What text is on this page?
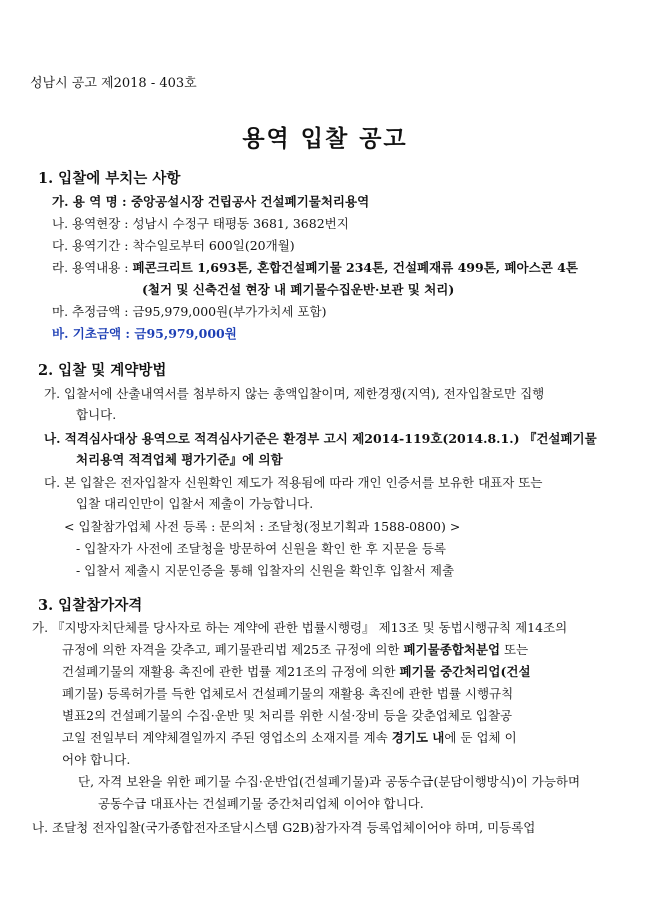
성남시 공고 제2018 - 403호
용역 입찰 공고
1. 입찰에 부치는 사항
가. 용 역 명 : 중앙공설시장 건립공사 건설폐기물처리용역
나. 용역현장 : 성남시 수정구 태평동 3681, 3682번지
다. 용역기간 : 착수일로부터 600일(20개월)
라. 용역내용 : 폐콘크리트 1,693톤, 혼합건설폐기물 234톤, 건설폐재류 499톤, 폐아스콘 4톤
(철거 및 신축건설 현장 내 폐기물수집운반·보관 및 처리)
마. 추정금액 : 금95,979,000원(부가가치세 포함)
바. 기초금액 : 금95,979,000원
2. 입찰 및 계약방법
가. 입찰서에 산출내역서를 첨부하지 않는 총액입찰이며, 제한경쟁(지역), 전자입찰로만 집행
합니다.
나. 적격심사대상 용역으로 적격심사기준은 환경부 고시 제2014-119호(2014.8.1.) 『건설폐기물
처리용역 적격업체 평가기준』에 의함
다. 본 입찰은 전자입찰자 신원확인 제도가 적용됨에 따라 개인 인증서를 보유한 대표자 또는
입찰 대리인만이 입찰서 제출이 가능합니다.
< 입찰참가업체 사전 등록 : 문의처 : 조달청(정보기획과 1588-0800) >
- 입찰자가 사전에 조달청을 방문하여 신원을 확인 한 후 지문을 등록
- 입찰서 제출시 지문인증을 통해 입찰자의 신원을 확인후 입찰서 제출
3. 입찰참가자격
가. 『지방자치단체를 당사자로 하는 계약에 관한 법률시행령』 제13조 및 동법시행규칙 제14조의
규정에 의한 자격을 갖추고, 폐기물관리법 제25조 규정에 의한 폐기물종합처분업 또는
건설폐기물의 재활용 촉진에 관한 법률 제21조의 규정에 의한 폐기물 중간처리업(건설
폐기물) 등록허가를 득한 업체로서 건설폐기물의 재활용 촉진에 관한 법률 시행규칙
별표2의 건설폐기물의 수집·운반 및 처리를 위한 시설·장비 등을 갖춘업체로 입찰공
고일 전일부터 계약체결일까지 주된 영업소의 소재지를 계속 경기도 내에 둔 업체 이
어야 합니다.
단, 자격 보완을 위한 폐기물 수집·운반업(건설폐기물)과 공동수급(분담이행방식)이 가능하며
공동수급 대표사는 건설폐기물 중간처리업체 이어야 합니다.
나. 조달청 전자입찰(국가종합전자조달시스템 G2B)참가자격 등록업체이어야 하며, 미등록업
